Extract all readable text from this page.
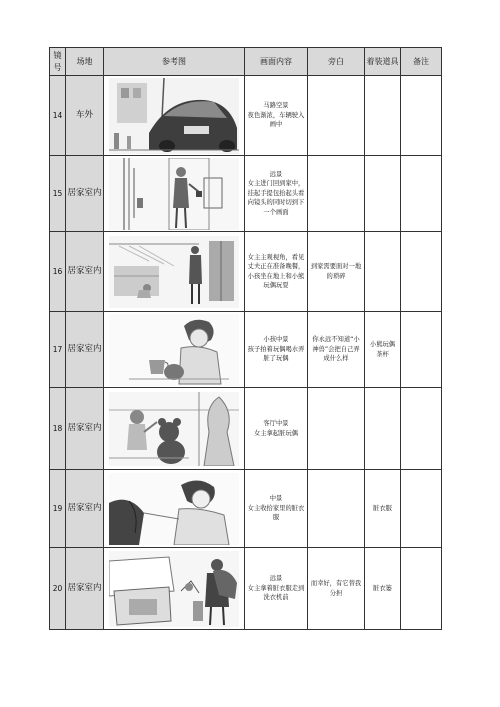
镜号	场地	参考图	画面内容	旁白	着装道具	备注
14	车外		马路空景
夜色渐浓，车辆驶入画中			
15	居家室内		远景
女主进门回到家中，挂起手提包抬起头看向镜头的同时切到下一个画面			
16	居家室内		女主主观视角，看见丈夫正在准备晚餐，小孩坐在地上和小熊玩偶玩耍	到家需要面对一地的琐碎		
17	居家室内		小孩中景
孩子拍着玩偶喝水弄脏了玩偶	你永远不知道“小神兽”会把自己弄成什么样	小熊玩偶
茶杯	
18	居家室内		客厅中景
女主拿起脏玩偶			
19	居家室内		中景
女主收拾家里的脏衣服		脏衣服	
20	居家室内		远景
女主拿着脏衣服走到洗衣机前	而幸好，有它替我分担	脏衣篓	
